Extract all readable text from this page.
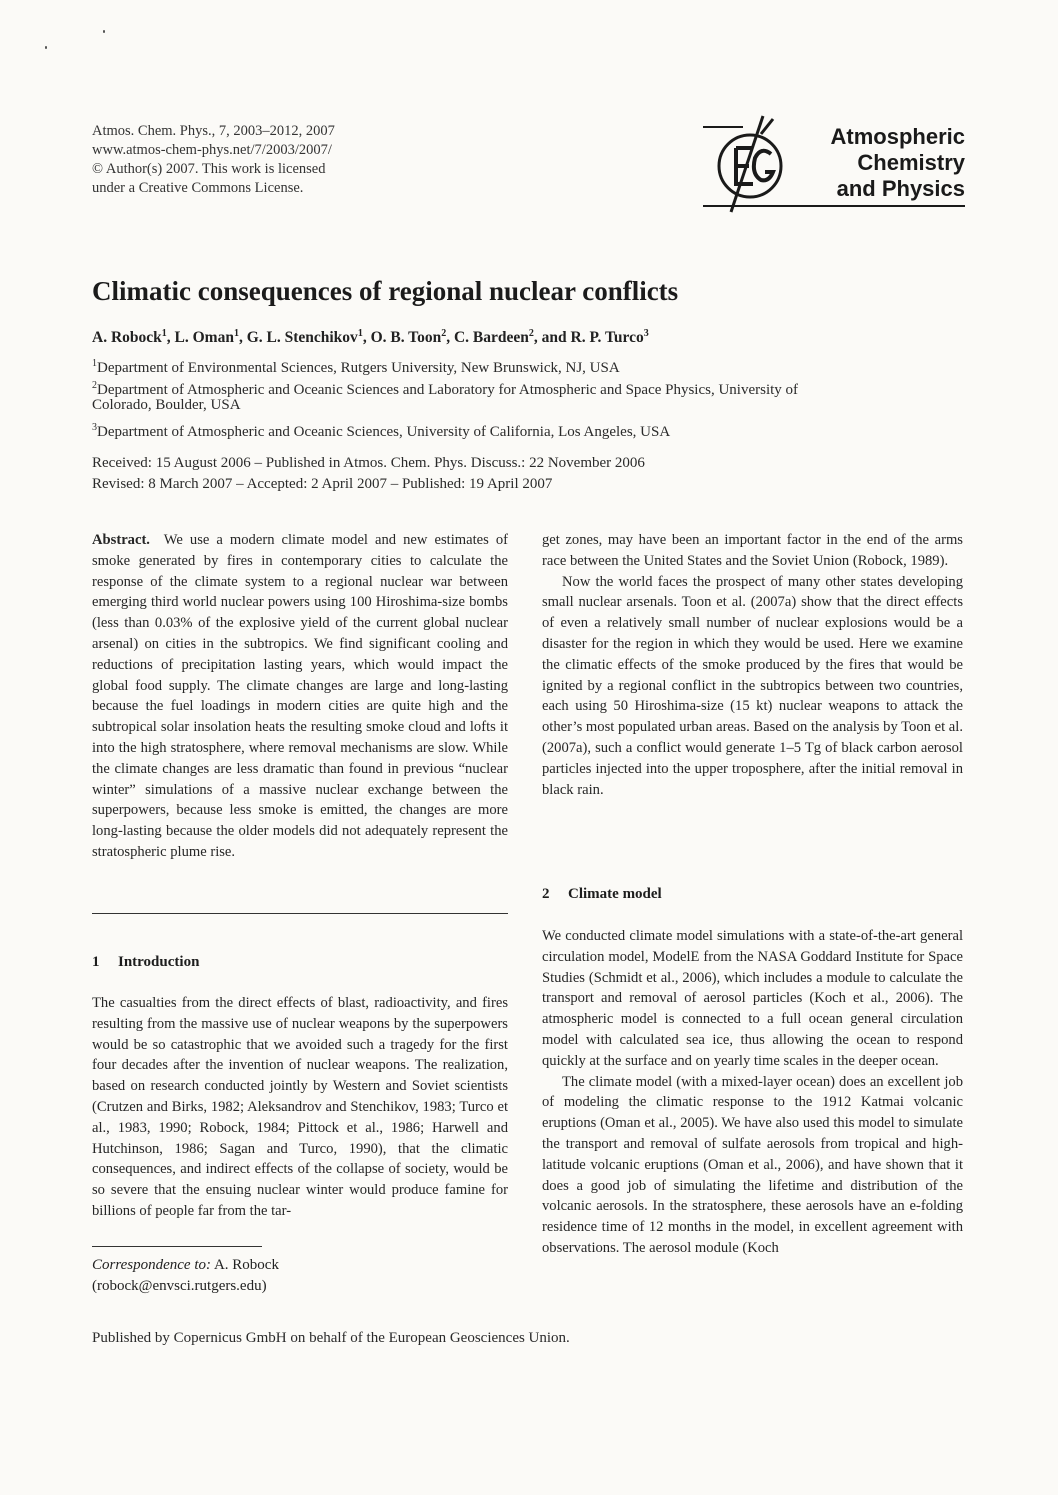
Atmos. Chem. Phys., 7, 2003–2012, 2007
www.atmos-chem-phys.net/7/2003/2007/
© Author(s) 2007. This work is licensed
under a Creative Commons License.
Atmospheric
Chemistry
and Physics
Climatic consequences of regional nuclear conflicts
A. Robock$^1$, L. Oman$^1$, G. L. Stenchikov$^1$, O. B. Toon$^2$, C. Bardeen$^2$, and R. P. Turco$^3$
$^1$Department of Environmental Sciences, Rutgers University, New Brunswick, NJ, USA
$^2$Department of Atmospheric and Oceanic Sciences and Laboratory for Atmospheric and Space Physics, University of
Colorado, Boulder, USA
$^3$Department of Atmospheric and Oceanic Sciences, University of California, Los Angeles, USA
Received: 15 August 2006 – Published in Atmos. Chem. Phys. Discuss.: 22 November 2006
Revised: 8 March 2007 – Accepted: 2 April 2007 – Published: 19 April 2007

Abstract. We use a modern climate model and new estimates of smoke generated by fires in contemporary cities to calculate the response of the climate system to a regional nuclear war between emerging third world nuclear powers using 100 Hiroshima-size bombs (less than 0.03% of the explosive yield of the current global nuclear arsenal) on cities in the subtropics. We find significant cooling and reductions of precipitation lasting years, which would impact the global food supply. The climate changes are large and long-lasting because the fuel loadings in modern cities are quite high and the subtropical solar insolation heats the resulting smoke cloud and lofts it into the high stratosphere, where removal mechanisms are slow. While the climate changes are less dramatic than found in previous “nuclear winter” simulations of a massive nuclear exchange between the superpowers, because less smoke is emitted, the changes are more long-lasting because the older models did not adequately represent the stratospheric plume rise.

1 Introduction

The casualties from the direct effects of blast, radioactivity, and fires resulting from the massive use of nuclear weapons by the superpowers would be so catastrophic that we avoided such a tragedy for the first four decades after the invention of nuclear weapons. The realization, based on research conducted jointly by Western and Soviet scientists (Crutzen and Birks, 1982; Aleksandrov and Stenchikov, 1983; Turco et al., 1983, 1990; Robock, 1984; Pittock et al., 1986; Harwell and Hutchinson, 1986; Sagan and Turco, 1990), that the climatic consequences, and indirect effects of the collapse of society, would be so severe that the ensuing nuclear winter would produce famine for billions of people far from the tar-

Correspondence to: A. Robock
(robock@envsci.rutgers.edu)

get zones, may have been an important factor in the end of the arms race between the United States and the Soviet Union (Robock, 1989).

Now the world faces the prospect of many other states developing small nuclear arsenals. Toon et al. (2007a) show that the direct effects of even a relatively small number of nuclear explosions would be a disaster for the region in which they would be used. Here we examine the climatic effects of the smoke produced by the fires that would be ignited by a regional conflict in the subtropics between two countries, each using 50 Hiroshima-size (15 kt) nuclear weapons to attack the other’s most populated urban areas. Based on the analysis by Toon et al. (2007a), such a conflict would generate 1–5 Tg of black carbon aerosol particles injected into the upper troposphere, after the initial removal in black rain.

2 Climate model

We conducted climate model simulations with a state-of-the-art general circulation model, ModelE from the NASA Goddard Institute for Space Studies (Schmidt et al., 2006), which includes a module to calculate the transport and removal of aerosol particles (Koch et al., 2006). The atmospheric model is connected to a full ocean general circulation model with calculated sea ice, thus allowing the ocean to respond quickly at the surface and on yearly time scales in the deeper ocean.

The climate model (with a mixed-layer ocean) does an excellent job of modeling the climatic response to the 1912 Katmai volcanic eruptions (Oman et al., 2005). We have also used this model to simulate the transport and removal of sulfate aerosols from tropical and high-latitude volcanic eruptions (Oman et al., 2006), and have shown that it does a good job of simulating the lifetime and distribution of the volcanic aerosols. In the stratosphere, these aerosols have an e-folding residence time of 12 months in the model, in excellent agreement with observations. The aerosol module (Koch

Published by Copernicus GmbH on behalf of the European Geosciences Union.
